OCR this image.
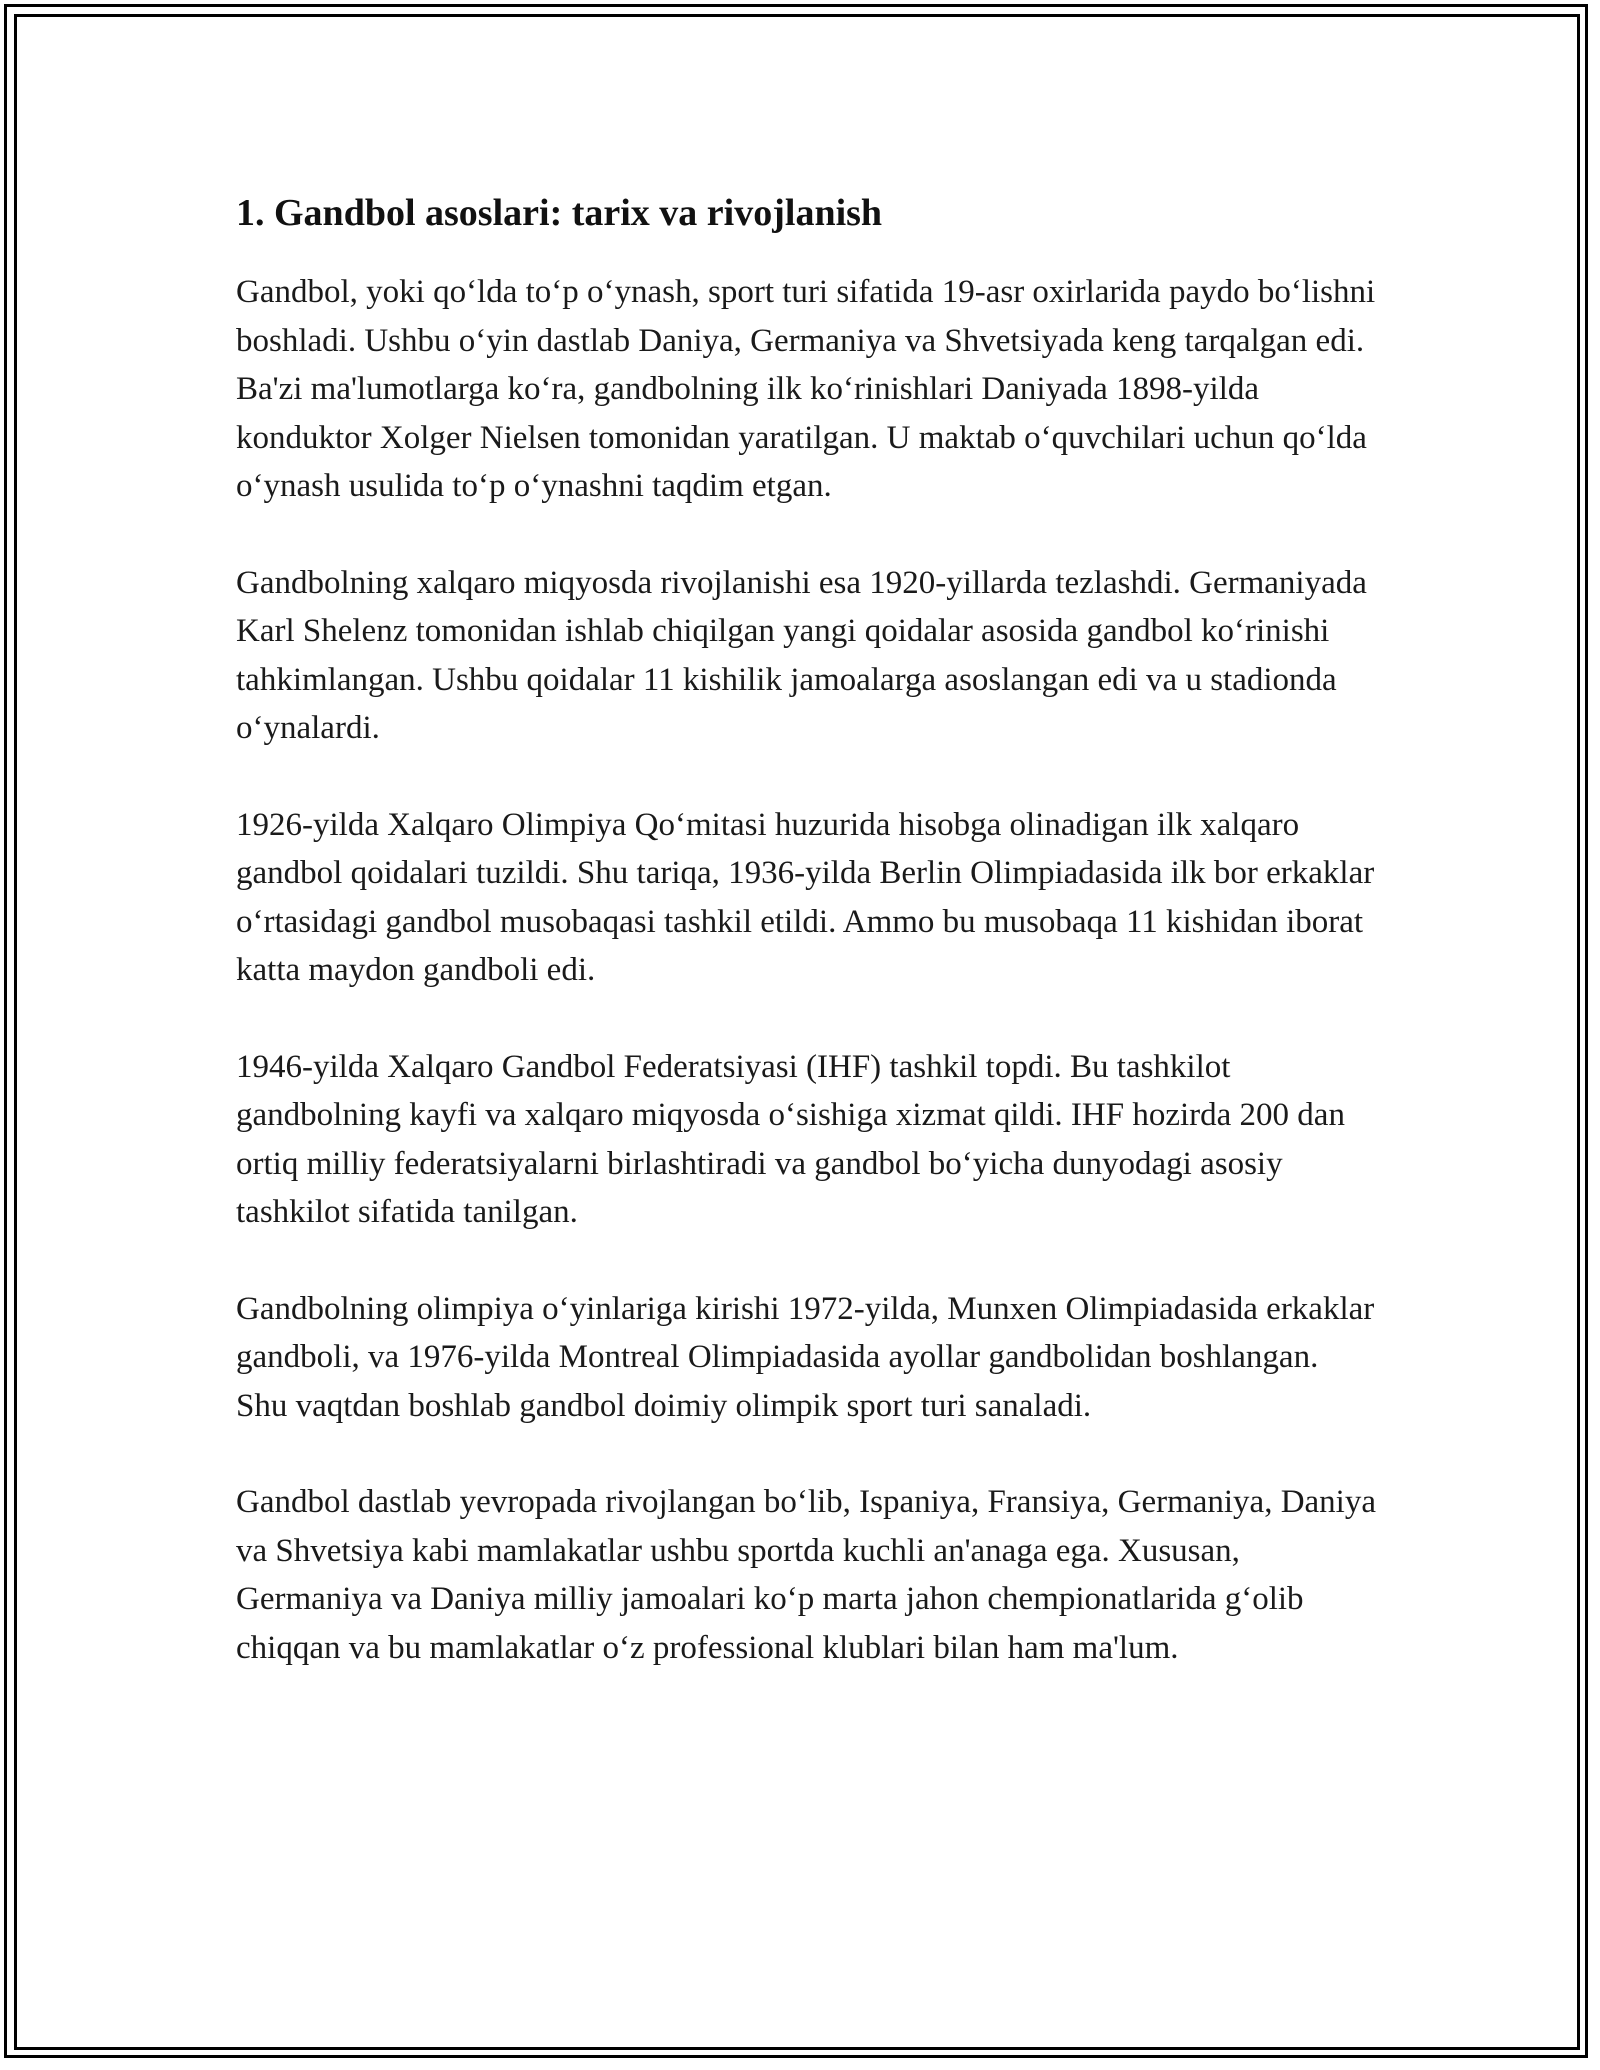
1. Gandbol asoslari: tarix va rivojlanish

Gandbol, yoki qo‘lda to‘p o‘ynash, sport turi sifatida 19-asr oxirlarida paydo bo‘lishni boshladi. Ushbu o‘yin dastlab Daniya, Germaniya va Shvetsiyada keng tarqalgan edi. Ba'zi ma'lumotlarga ko‘ra, gandbolning ilk ko‘rinishlari Daniyada 1898-yilda konduktor Xolger Nielsen tomonidan yaratilgan. U maktab o‘quvchilari uchun qo‘lda o‘ynash usulida to‘p o‘ynashni taqdim etgan.

Gandbolning xalqaro miqyosda rivojlanishi esa 1920-yillarda tezlashdi. Germaniyada Karl Shelenz tomonidan ishlab chiqilgan yangi qoidalar asosida gandbol ko‘rinishi tahkimlangan. Ushbu qoidalar 11 kishilik jamoalarga asoslangan edi va u stadionda o‘ynalardi.

1926-yilda Xalqaro Olimpiya Qo‘mitasi huzurida hisobga olinadigan ilk xalqaro gandbol qoidalari tuzildi. Shu tariqa, 1936-yilda Berlin Olimpiadasida ilk bor erkaklar o‘rtasidagi gandbol musobaqasi tashkil etildi. Ammo bu musobaqa 11 kishidan iborat katta maydon gandboli edi.

1946-yilda Xalqaro Gandbol Federatsiyasi (IHF) tashkil topdi. Bu tashkilot gandbolning kayfi va xalqaro miqyosda o‘sishiga xizmat qildi. IHF hozirda 200 dan ortiq milliy federatsiyalarni birlashtiradi va gandbol bo‘yicha dunyodagi asosiy tashkilot sifatida tanilgan.

Gandbolning olimpiya o‘yinlariga kirishi 1972-yilda, Munxen Olimpiadasida erkaklar gandboli, va 1976-yilda Montreal Olimpiadasida ayollar gandbolidan boshlangan. Shu vaqtdan boshlab gandbol doimiy olimpik sport turi sanaladi.

Gandbol dastlab yevropada rivojlangan bo‘lib, Ispaniya, Fransiya, Germaniya, Daniya va Shvetsiya kabi mamlakatlar ushbu sportda kuchli an'anaga ega. Xususan, Germaniya va Daniya milliy jamoalari ko‘p marta jahon chempionatlarida g‘olib chiqqan va bu mamlakatlar o‘z professional klublari bilan ham ma'lum.
